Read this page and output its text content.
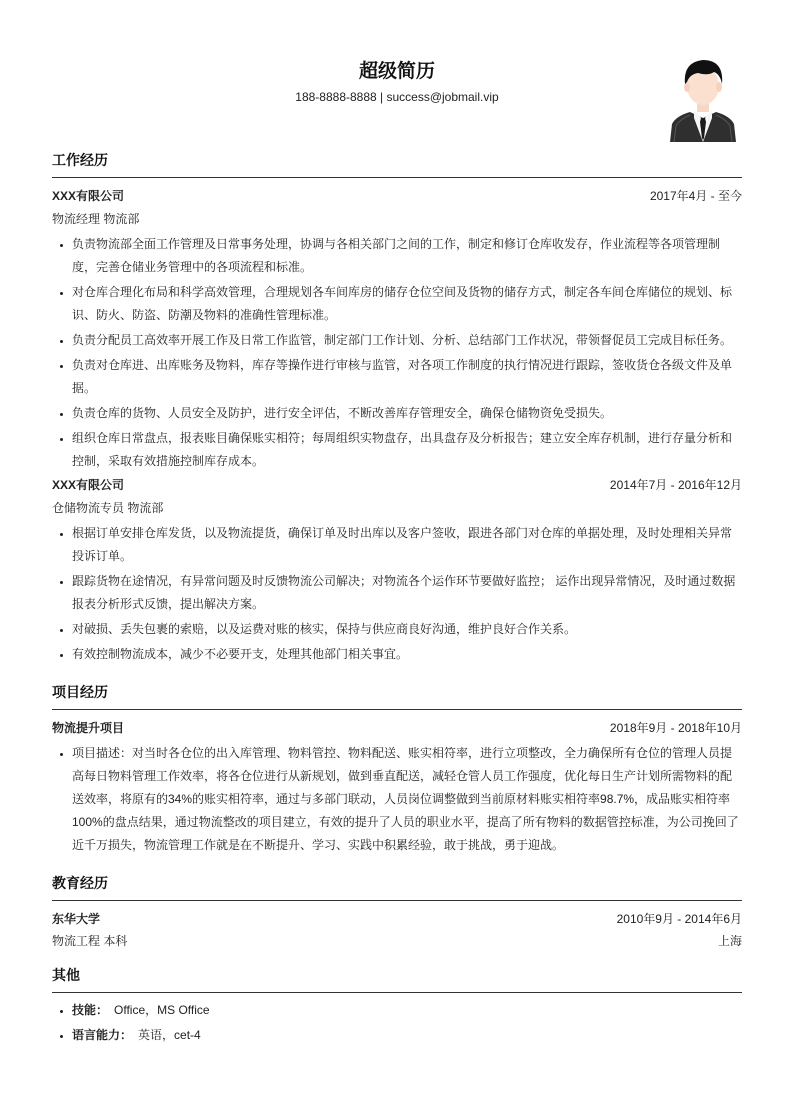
超级简历
188-8888-8888 | success@jobmail.vip
工作经历
XXX有限公司	2017年4月 - 至今
物流经理 物流部
• 负责物流部全面工作管理及日常事务处理，协调与各相关部门之间的工作，制定和修订仓库收发存，作业流程等各项管理制度，完善仓储业务管理中的各项流程和标准。
• 对仓库合理化布局和科学高效管理，合理规划各车间库房的储存仓位空间及货物的储存方式，制定各车间仓库储位的规划、标识、防火、防盗、防潮及物料的准确性管理标准。
• 负责分配员工高效率开展工作及日常工作监管，制定部门工作计划、分析、总结部门工作状况，带领督促员工完成目标任务。
• 负责对仓库进、出库账务及物料，库存等操作进行审核与监管，对各项工作制度的执行情况进行跟踪，签收货仓各级文件及单据。
• 负责仓库的货物、人员安全及防护，进行安全评估，不断改善库存管理安全，确保仓储物资免受损失。
• 组织仓库日常盘点，报表账目确保账实相符；每周组织实物盘存，出具盘存及分析报告；建立安全库存机制，进行存量分析和控制，采取有效措施控制库存成本。
XXX有限公司	2014年7月 - 2016年12月
仓储物流专员 物流部
• 根据订单安排仓库发货，以及物流提货，确保订单及时出库以及客户签收，跟进各部门对仓库的单据处理，及时处理相关异常投诉订单。
• 跟踪货物在途情况，有异常问题及时反馈物流公司解决；对物流各个运作环节要做好监控； 运作出现异常情况，及时通过数据报表分析形式反馈，提出解决方案。
• 对破损、丢失包裹的索赔，以及运费对账的核实，保持与供应商良好沟通，维护良好合作关系。
• 有效控制物流成本，减少不必要开支，处理其他部门相关事宜。
项目经历
物流提升项目	2018年9月 - 2018年10月
• 项目描述：对当时各仓位的出入库管理、物料管控、物料配送、账实相符率，进行立项整改，全力确保所有仓位的管理人员提高每日物料管理工作效率，将各仓位进行从新规划，做到垂直配送，减轻仓管人员工作强度，优化每日生产计划所需物料的配送效率，将原有的34%的账实相符率，通过与多部门联动，人员岗位调整做到当前原材料账实相符率98.7%，成品账实相符率100%的盘点结果，通过物流整改的项目建立，有效的提升了人员的职业水平，提高了所有物料的数据管控标准，为公司挽回了近千万损失，物流管理工作就是在不断提升、学习、实践中积累经验，敢于挑战，勇于迎战。
教育经历
东华大学	2010年9月 - 2014年6月
物流工程 本科	上海
其他
• 技能： Office，MS Office
• 语言能力： 英语，cet-4
